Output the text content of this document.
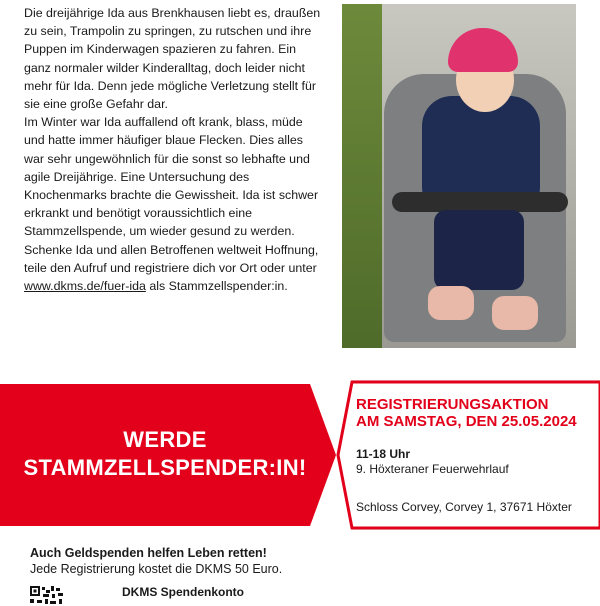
Die dreijährige Ida aus Brenkhausen liebt es, draußen zu sein, Trampolin zu springen, zu rutschen und ihre Puppen im Kinderwagen spazieren zu fahren. Ein ganz normaler wilder Kinderalltag, doch leider nicht mehr für Ida. Denn jede mögliche Verletzung stellt für sie eine große Gefahr dar.

Im Winter war Ida auffallend oft krank, blass, müde und hatte immer häufiger blaue Flecken. Dies alles war sehr ungewöhnlich für die sonst so lebhafte und agile Dreijährige. Eine Untersuchung des Knochenmarks brachte die Gewissheit. Ida ist schwer erkrankt und benötigt voraussichtlich eine Stammzellspende, um wieder gesund zu werden. Schenke Ida und allen Betroffenen weltweit Hoffnung, teile den Aufruf und registriere dich vor Ort oder unter www.dkms.de/fuer-ida als Stammzellspender:in.

WERDE
STAMMZELLSPENDER:IN!
REGISTRIERUNGSAKTION
AM SAMSTAG, DEN 25.05.2024
11-18 Uhr
9. Höxteraner Feuerwehrlauf
Schloss Corvey, Corvey 1, 37671 Höxter
Auch Geldspenden helfen Leben retten!
Jede Registrierung kostet die DKMS 50 Euro.
DKMS Spendenkonto
